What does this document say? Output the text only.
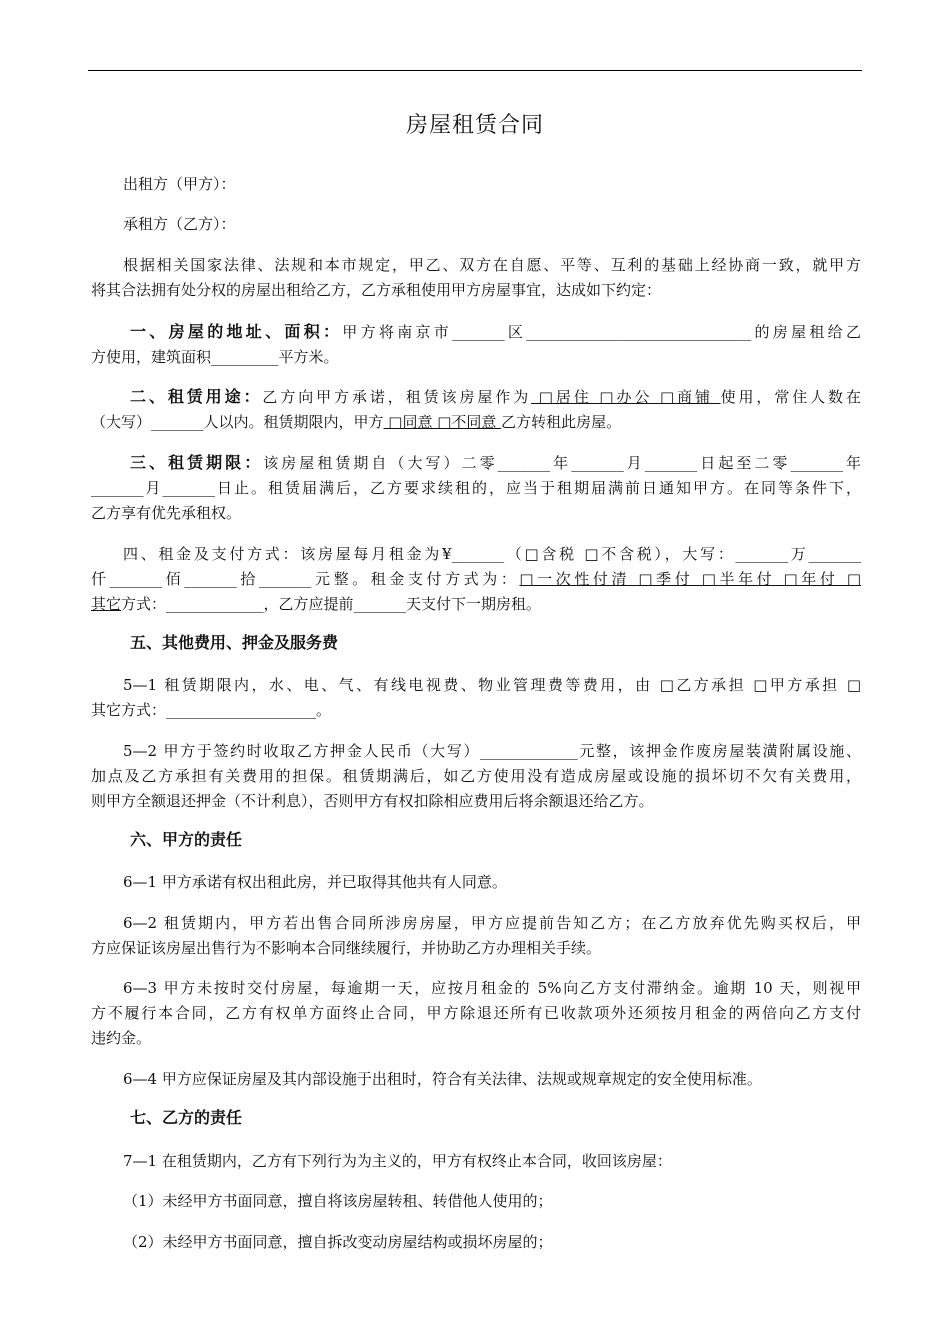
房屋租赁合同
出租方（甲方）：
承租方（乙方）：
根据相关国家法律、法规和本市规定，甲乙、双方在自愿、平等、互利的基础上经协商一致，就甲方
将其合法拥有处分权的房屋出租给乙方，乙方承租使用甲方房屋事宜，达成如下约定：
一、房屋的地址、面积：甲方将南京市_______区______________________________的房屋租给乙
方使用，建筑面积_________平方米。
二、租赁用途：乙方向甲方承诺，租赁该房屋作为 □居住 □办公 □商铺 使用，常住人数在
（大写）_______人以内。租赁期限内，甲方 □同意 □不同意 乙方转租此房屋。
三、租赁期限：该房屋租赁期自（大写）二零_______年_______月_______日起至二零_______年
_______月_______日止。租赁届满后，乙方要求续租的，应当于租期届满前日通知甲方。在同等条件下，
乙方享有优先承租权。
四、租金及支付方式：该房屋每月租金为¥_______（□含税 □不含税），大写：_______万_______
仟_______佰_______拾_______元整。租金支付方式为：□一次性付清 □季付 □半年付 □年付 □
其它方式：_____________，乙方应提前_______天支付下一期房租。
五、其他费用、押金及服务费
5—1 租赁期限内，水、电、气、有线电视费、物业管理费等费用，由 □乙方承担 □甲方承担 □
其它方式：____________________。
5—2 甲方于签约时收取乙方押金人民币（大写）_____________元整，该押金作废房屋装潢附属设施、
加点及乙方承担有关费用的担保。租赁期满后，如乙方使用没有造成房屋或设施的损坏切不欠有关费用，
则甲方全额退还押金（不计利息），否则甲方有权扣除相应费用后将余额退还给乙方。
六、甲方的责任
6—1 甲方承诺有权出租此房，并已取得其他共有人同意。
6—2 租赁期内，甲方若出售合同所涉房房屋，甲方应提前告知乙方；在乙方放弃优先购买权后，甲
方应保证该房屋出售行为不影响本合同继续履行，并协助乙方办理相关手续。
6—3 甲方未按时交付房屋，每逾期一天，应按月租金的 5%向乙方支付滞纳金。逾期 10 天，则视甲
方不履行本合同，乙方有权单方面终止合同，甲方除退还所有已收款项外还须按月租金的两倍向乙方支付
违约金。
6—4 甲方应保证房屋及其内部设施于出租时，符合有关法律、法规或规章规定的安全使用标准。
七、乙方的责任
7—1 在租赁期内，乙方有下列行为为主义的，甲方有权终止本合同，收回该房屋：
（1）未经甲方书面同意，擅自将该房屋转租、转借他人使用的；
（2）未经甲方书面同意，擅自拆改变动房屋结构或损坏房屋的；
